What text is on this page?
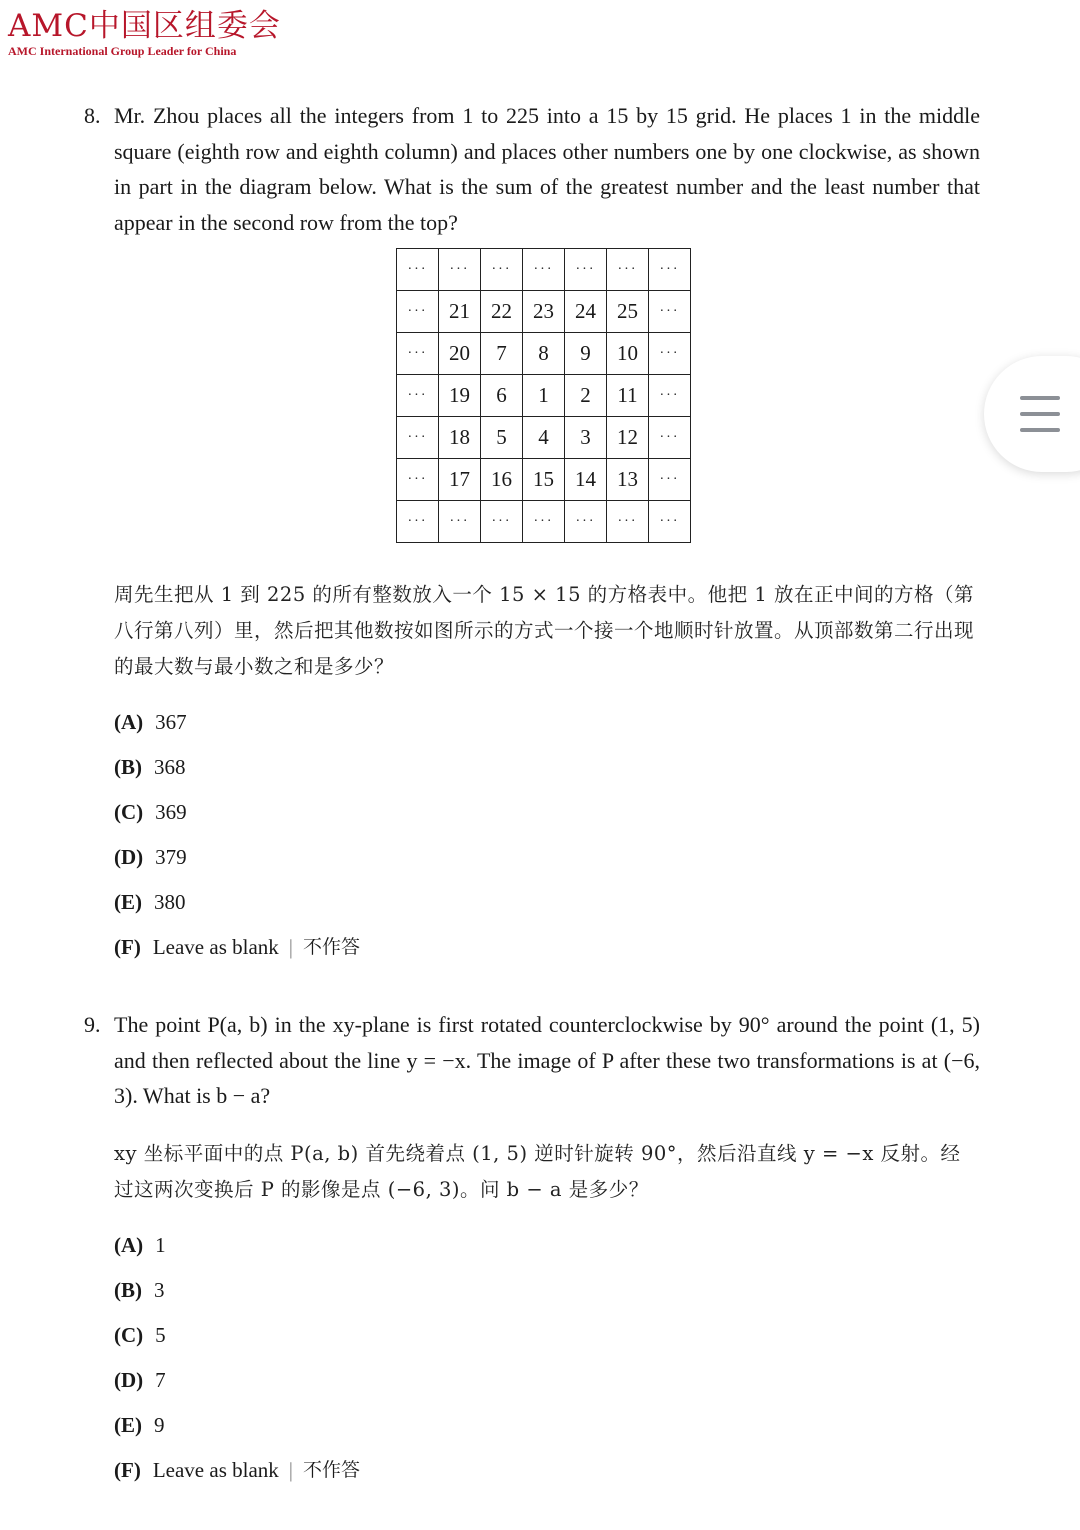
AMC中国区组委会
AMC International Group Leader for China
8. Mr. Zhou places all the integers from 1 to 225 into a 15 by 15 grid. He places 1 in the middle square (eighth row and eighth column) and places other numbers one by one clockwise, as shown in part in the diagram below. What is the sum of the greatest number and the least number that appear in the second row from the top?
···	···	···	···	···	···	···
···	21	22	23	24	25	···
···	20	7	8	9	10	···
···	19	6	1	2	11	···
···	18	5	4	3	12	···
···	17	16	15	14	13	···
···	···	···	···	···	···	···
周先生把从 1 到 225 的所有整数放入一个 15 × 15 的方格表中。他把 1 放在正中间的方格（第八行第八列）里，然后把其他数按如图所示的方式一个接一个地顺时针放置。从顶部数第二行出现的最大数与最小数之和是多少？
(A) 367
(B) 368
(C) 369
(D) 379
(E) 380
(F) Leave as blank | 不作答
9. The point P(a, b) in the xy-plane is first rotated counterclockwise by 90° around the point (1, 5) and then reflected about the line y = −x. The image of P after these two transformations is at (−6, 3). What is b − a?
xy 坐标平面中的点 P(a, b) 首先绕着点 (1, 5) 逆时针旋转 90°，然后沿直线 y = −x 反射。经过这两次变换后 P 的影像是点 (−6, 3)。问 b − a 是多少？
(A) 1
(B) 3
(C) 5
(D) 7
(E) 9
(F) Leave as blank | 不作答
